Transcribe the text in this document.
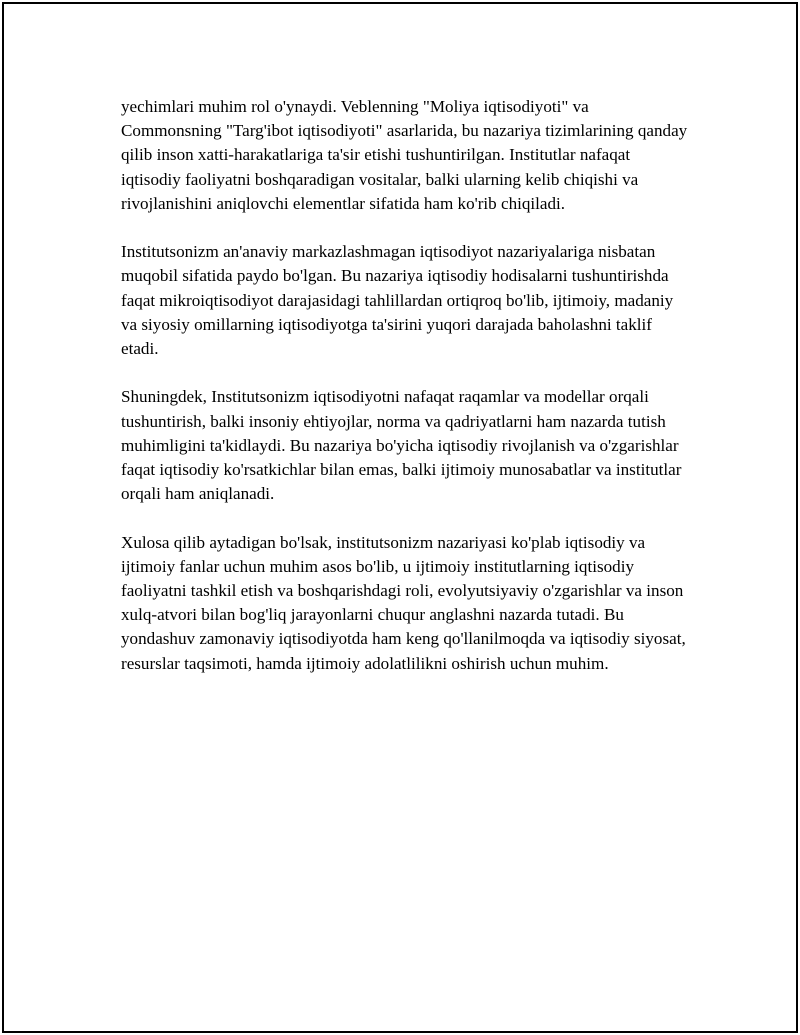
yechimlari muhim rol o'ynaydi. Veblenning "Moliya iqtisodiyoti" va Commonsning "Targ'ibot iqtisodiyoti" asarlarida, bu nazariya tizimlarining qanday qilib inson xatti-harakatlariga ta'sir etishi tushuntirilgan. Institutlar nafaqat iqtisodiy faoliyatni boshqaradigan vositalar, balki ularning kelib chiqishi va rivojlanishini aniqlovchi elementlar sifatida ham ko'rib chiqiladi.

Institutsonizm an'anaviy markazlashmagan iqtisodiyot nazariyalariga nisbatan muqobil sifatida paydo bo'lgan. Bu nazariya iqtisodiy hodisalarni tushuntirishda faqat mikroiqtisodiyot darajasidagi tahlillardan ortiqroq bo'lib, ijtimoiy, madaniy va siyosiy omillarning iqtisodiyotga ta'sirini yuqori darajada baholashni taklif etadi.

Shuningdek, Institutsonizm iqtisodiyotni nafaqat raqamlar va modellar orqali tushuntirish, balki insoniy ehtiyojlar, norma va qadriyatlarni ham nazarda tutish muhimligini ta'kidlaydi. Bu nazariya bo'yicha iqtisodiy rivojlanish va o'zgarishlar faqat iqtisodiy ko'rsatkichlar bilan emas, balki ijtimoiy munosabatlar va institutlar orqali ham aniqlanadi.

Xulosa qilib aytadigan bo'lsak, institutsonizm nazariyasi ko'plab iqtisodiy va ijtimoiy fanlar uchun muhim asos bo'lib, u ijtimoiy institutlarning iqtisodiy faoliyatni tashkil etish va boshqarishdagi roli, evolyutsiyaviy o'zgarishlar va inson xulq-atvori bilan bog'liq jarayonlarni chuqur anglashni nazarda tutadi. Bu yondashuv zamonaviy iqtisodiyotda ham keng qo'llanilmoqda va iqtisodiy siyosat, resurslar taqsimoti, hamda ijtimoiy adolatlilikni oshirish uchun muhim.
